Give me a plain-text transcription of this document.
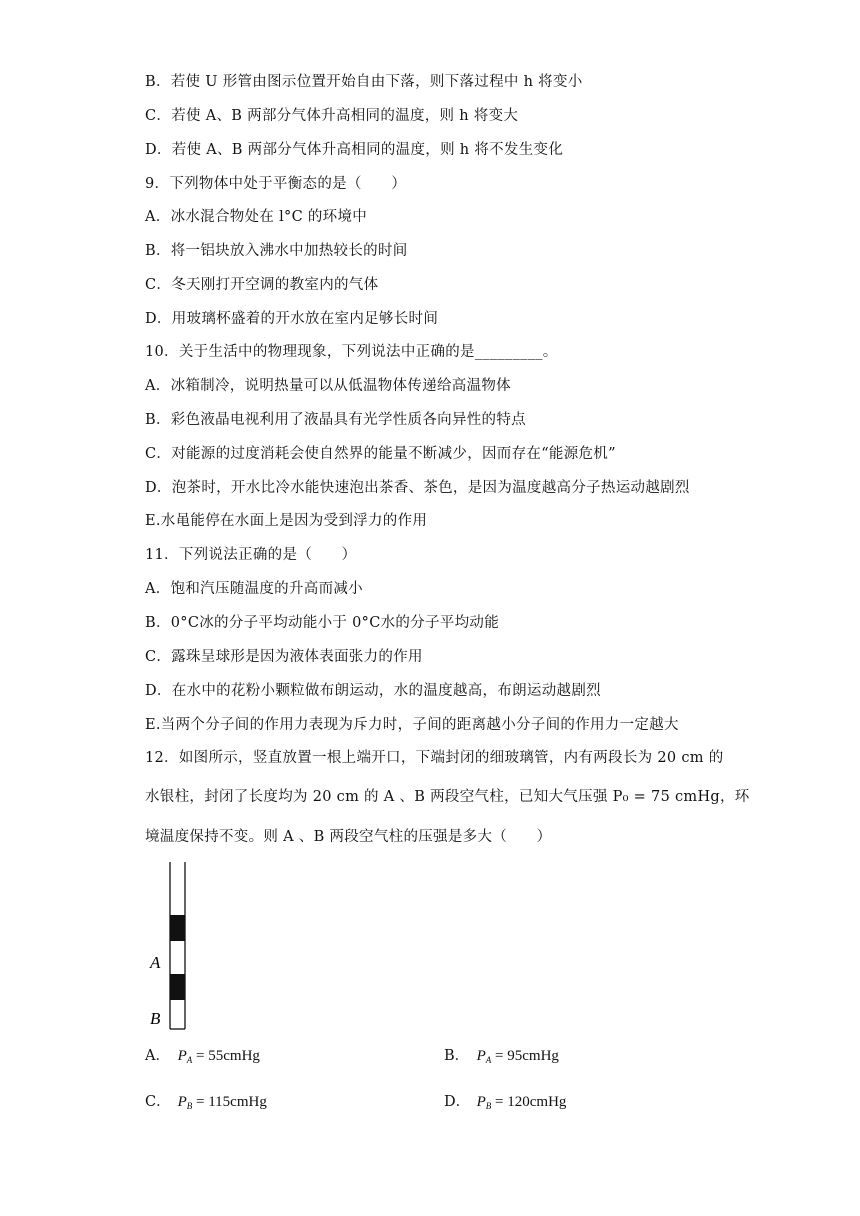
B．若使 U 形管由图示位置开始自由下落，则下落过程中 h 将变小
C．若使 A、B 两部分气体升高相同的温度，则 h 将变大
D．若使 A、B 两部分气体升高相同的温度，则 h 将不发生变化
9．下列物体中处于平衡态的是（　　）
A．冰水混合物处在 l°C 的环境中
B．将一铝块放入沸水中加热较长的时间
C．冬天刚打开空调的教室内的气体
D．用玻璃杯盛着的开水放在室内足够长时间
10．关于生活中的物理现象，下列说法中正确的是_________。
A．冰箱制冷，说明热量可以从低温物体传递给高温物体
B．彩色液晶电视利用了液晶具有光学性质各向异性的特点
C．对能源的过度消耗会使自然界的能量不断减少，因而存在“能源危机”
D．泡茶时，开水比冷水能快速泡出茶香、茶色，是因为温度越高分子热运动越剧烈
E.水黾能停在水面上是因为受到浮力的作用
11．下列说法正确的是（　　）
A．饱和汽压随温度的升高而减小
B．0°C冰的分子平均动能小于 0°C水的分子平均动能
C．露珠呈球形是因为液体表面张力的作用
D．在水中的花粉小颗粒做布朗运动，水的温度越高，布朗运动越剧烈
E.当两个分子间的作用力表现为斥力时，子间的距离越小分子间的作用力一定越大
12．如图所示，竖直放置一根上端开口，下端封闭的细玻璃管，内有两段长为 20 cm 的
水银柱，封闭了长度均为 20 cm 的 A 、B 两段空气柱，已知大气压强 P₀ = 75 cmHg，环
境温度保持不变。则 A 、B 两段空气柱的压强是多大（　　）
A
B
A． $P_A$ = 55cmHg	B． $P_A$ = 95cmHg
C． $P_B$ = 115cmHg	D． $P_B$ = 120cmHg
